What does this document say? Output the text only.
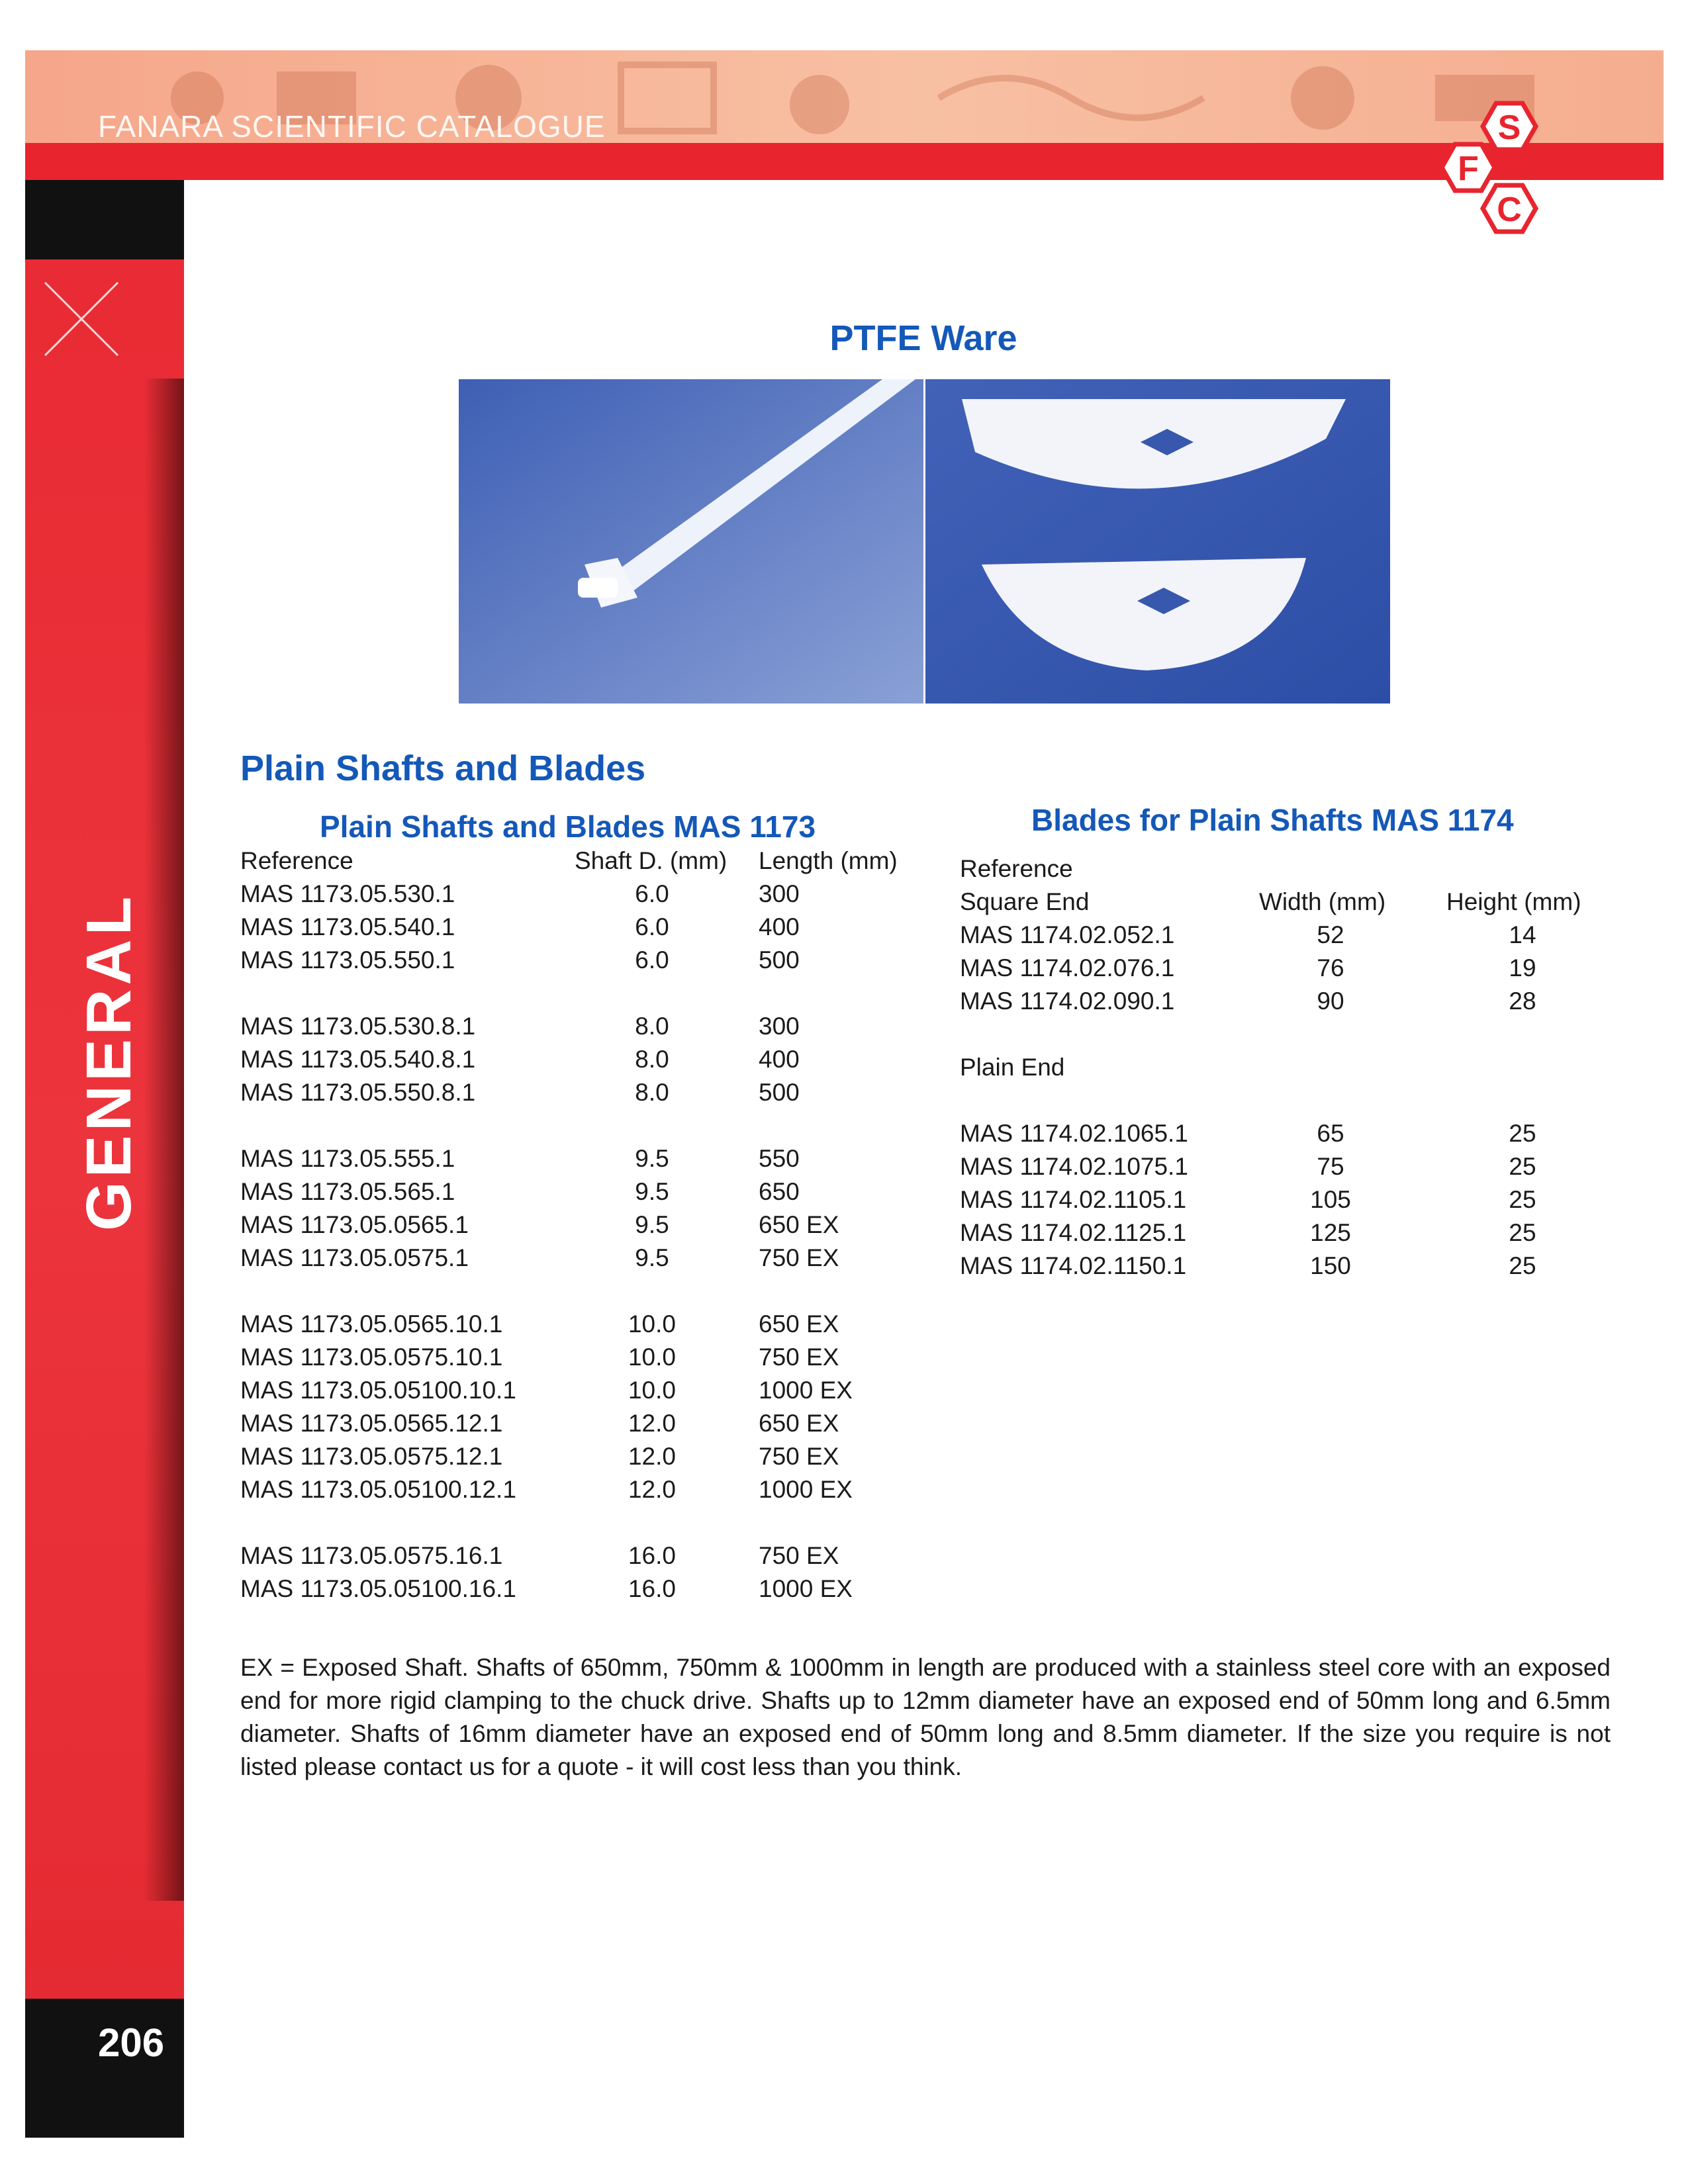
FANARA SCIENTIFIC CATALOGUE	S
F
C
GENERAL
206
PTFE Ware
Plain Shafts and Blades
Plain Shafts and Blades MAS 1173
Reference	Shaft D. (mm) Length (mm)
MAS 1173.05.530.1	6.0	300
MAS 1173.05.540.1	6.0	400
MAS 1173.05.550.1	6.0	500
MAS 1173.05.530.8.1	8.0	300
MAS 1173.05.540.8.1	8.0	400
MAS 1173.05.550.8.1	8.0	500
MAS 1173.05.555.1	9.5	550
MAS 1173.05.565.1	9.5	650
MAS 1173.05.0565.1	9.5	650 EX
MAS 1173.05.0575.1	9.5	750 EX
MAS 1173.05.0565.10.1	10.0	650 EX
MAS 1173.05.0575.10.1	10.0	750 EX
MAS 1173.05.05100.10.1	10.0	1000 EX
MAS 1173.05.0565.12.1	12.0	650 EX
MAS 1173.05.0575.12.1	12.0	750 EX
MAS 1173.05.05100.12.1	12.0	1000 EX
MAS 1173.05.0575.16.1	16.0	750 EX
MAS 1173.05.05100.16.1	16.0	1000 EX
Blades for Plain Shafts MAS 1174
Reference
Square End	Width (mm) Height (mm)
MAS 1174.02.052.1	52	14
MAS 1174.02.076.1	76	19
MAS 1174.02.090.1	90	28
Plain End
MAS 1174.02.1065.1	65	25
MAS 1174.02.1075.1	75	25
MAS 1174.02.1105.1	105	25
MAS 1174.02.1125.1	125	25
MAS 1174.02.1150.1	150	25
EX = Exposed Shaft. Shafts of 650mm, 750mm & 1000mm in length are produced with a stainless steel core with an exposed end for more rigid clamping to the chuck drive. Shafts up to 12mm diameter have an exposed end of 50mm long and 6.5mm diameter. Shafts of 16mm diameter have an exposed end of 50mm long and 8.5mm diameter. If the size you require is not listed please contact us for a quote - it will cost less than you think.
